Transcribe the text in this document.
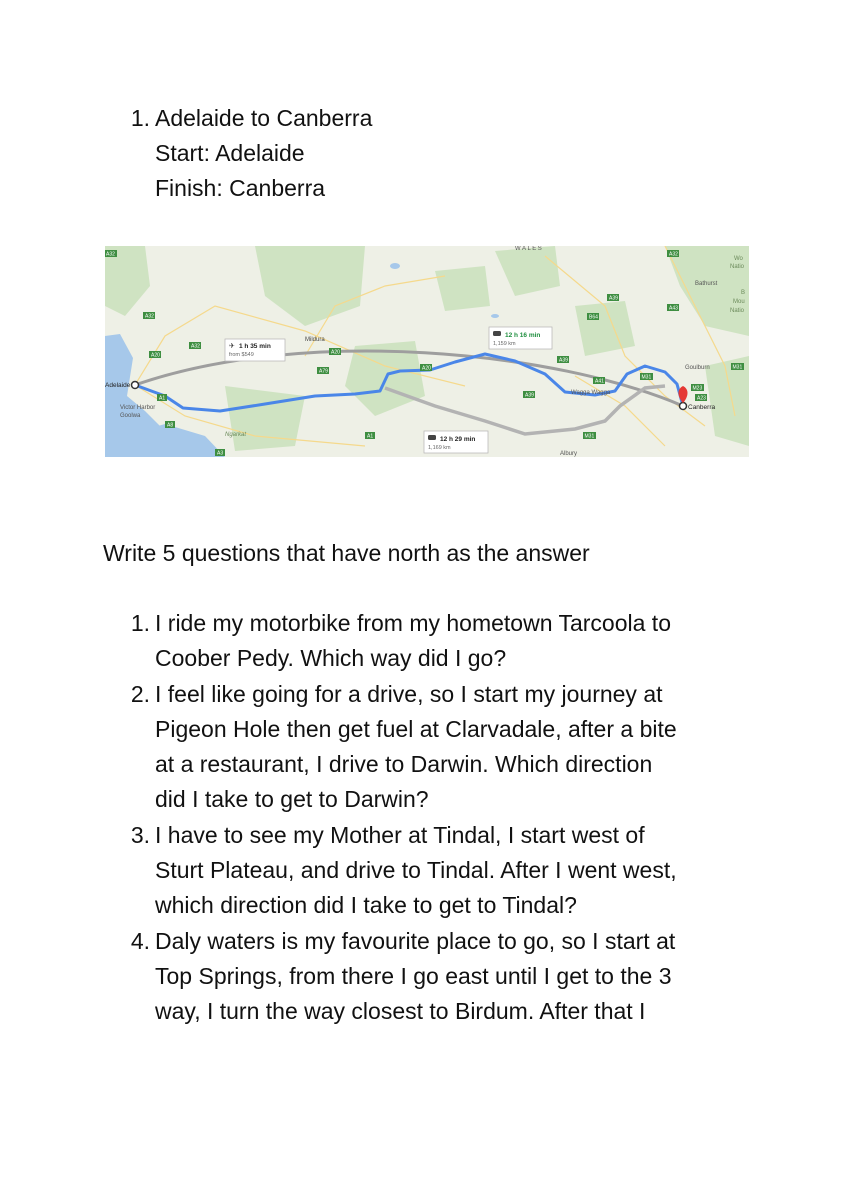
1. Adelaide to Canberra
Start: Adelaide
Finish: Canberra
WALES
Mildura
Adelaide
Victor Harbor
Goolwa
Ngarkat
Wagga Wagga
Canberra
Goulburn
Bathurst
Albury
Wo
Natio
B
Mou
Natio
A32
A32
A20	A20
A20
A39
B64
A39
A39
A41
A79
A8
A1
A32
A3
A1
M31
M31
M23
A23
A32
A43
M31
✈ 1 h 35 min
from $549
12 h 16 min
1,159 km
12 h 29 min
1,169 km
Write 5 questions that have north as the answer
1. I ride my motorbike from my hometown Tarcoola to
Coober Pedy. Which way did I go?
2. I feel like going for a drive, so I start my journey at
Pigeon Hole then get fuel at Clarvadale, after a bite
at a restaurant, I drive to Darwin. Which direction
did I take to get to Darwin?
3. I have to see my Mother at Tindal, I start west of
Sturt Plateau, and drive to Tindal. After I went west,
which direction did I take to get to Tindal?
4. Daly waters is my favourite place to go, so I start at
Top Springs, from there I go east until I get to the 3
way, I turn the way closest to Birdum. After that I
